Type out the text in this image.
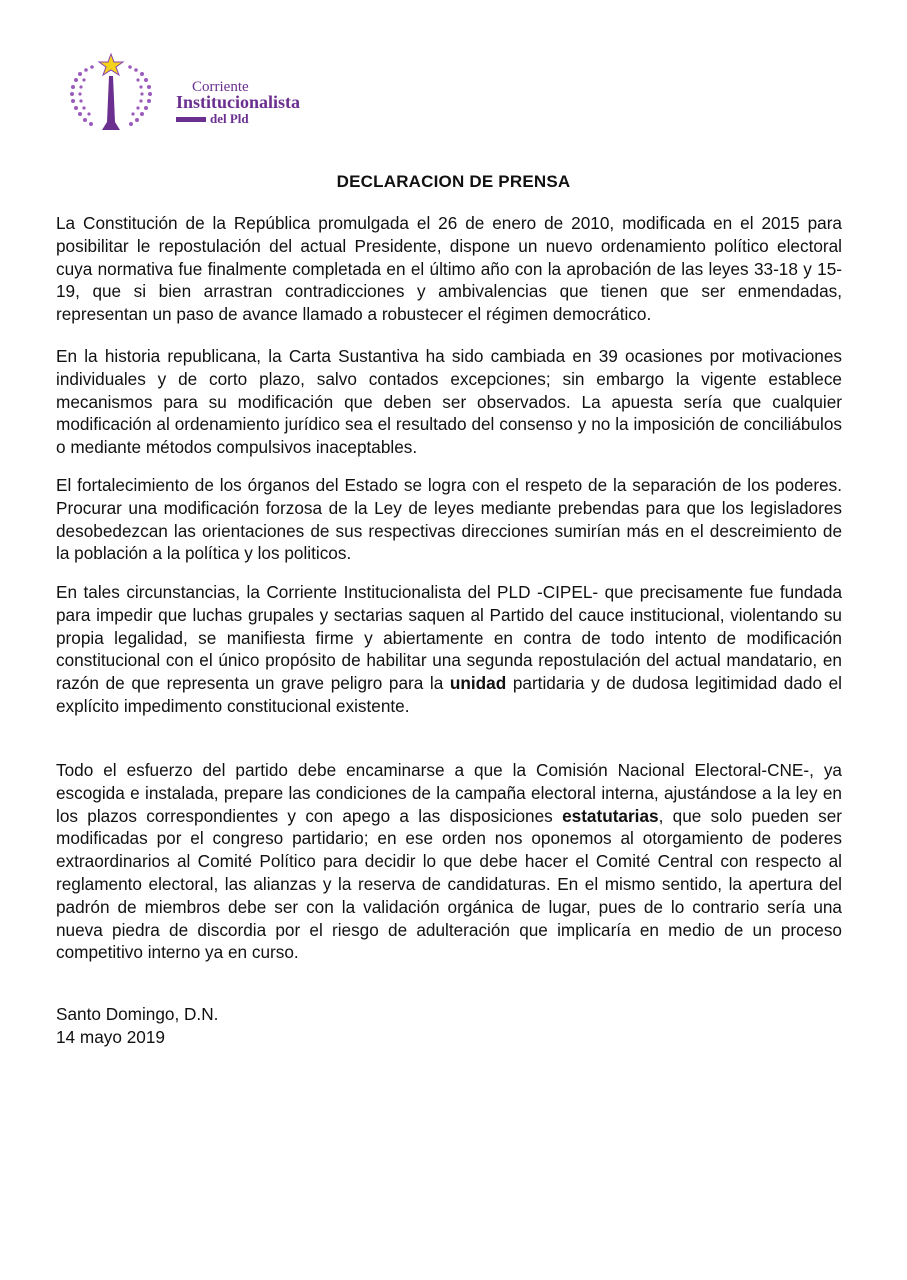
Corriente
Institucionalista
del Pld
DECLARACION DE PRENSA
La Constitución de la República promulgada el 26 de enero de 2010, modificada en el 2015 para posibilitar le repostulación del actual Presidente, dispone un nuevo ordenamiento político electoral cuya normativa fue finalmente completada en el último año con la aprobación de las leyes 33-18 y 15-19, que si bien arrastran contradicciones y ambivalencias que tienen que ser enmendadas, representan un paso de avance llamado a robustecer el régimen democrático.
En la historia republicana, la Carta Sustantiva ha sido cambiada en 39 ocasiones por motivaciones individuales y de corto plazo, salvo contados excepciones; sin embargo la vigente establece mecanismos para su modificación que deben ser observados. La apuesta sería que cualquier modificación al ordenamiento jurídico sea el resultado del consenso y no la imposición de conciliábulos o mediante métodos compulsivos inaceptables.
El fortalecimiento de los órganos del Estado se logra con el respeto de la separación de los poderes. Procurar una modificación forzosa de la Ley de leyes mediante prebendas para que los legisladores desobedezcan las orientaciones de sus respectivas direcciones sumirían más en el descreimiento de la población a la política y los politicos.
En tales circunstancias, la Corriente Institucionalista del PLD -CIPEL- que precisamente fue fundada para impedir que luchas grupales y sectarias saquen al Partido del cauce institucional, violentando su propia legalidad, se manifiesta firme y abiertamente en contra de todo intento de modificación constitucional con el único propósito de habilitar una segunda repostulación del actual mandatario, en razón de que representa un grave peligro para la unidad partidaria y de dudosa legitimidad dado el explícito impedimento constitucional existente.
Todo el esfuerzo del partido debe encaminarse a que la Comisión Nacional Electoral-CNE-, ya escogida e instalada, prepare las condiciones de la campaña electoral interna, ajustándose a la ley en los plazos correspondientes y con apego a las disposiciones estatutarias, que solo pueden ser modificadas por el congreso partidario; en ese orden nos oponemos al otorgamiento de poderes extraordinarios al Comité Político para decidir lo que debe hacer el Comité Central con respecto al reglamento electoral, las alianzas y la reserva de candidaturas. En el mismo sentido, la apertura del padrón de miembros debe ser con la validación orgánica de lugar, pues de lo contrario sería una nueva piedra de discordia por el riesgo de adulteración que implicaría en medio de un proceso competitivo interno ya en curso.
Santo Domingo, D.N.
14 mayo 2019
